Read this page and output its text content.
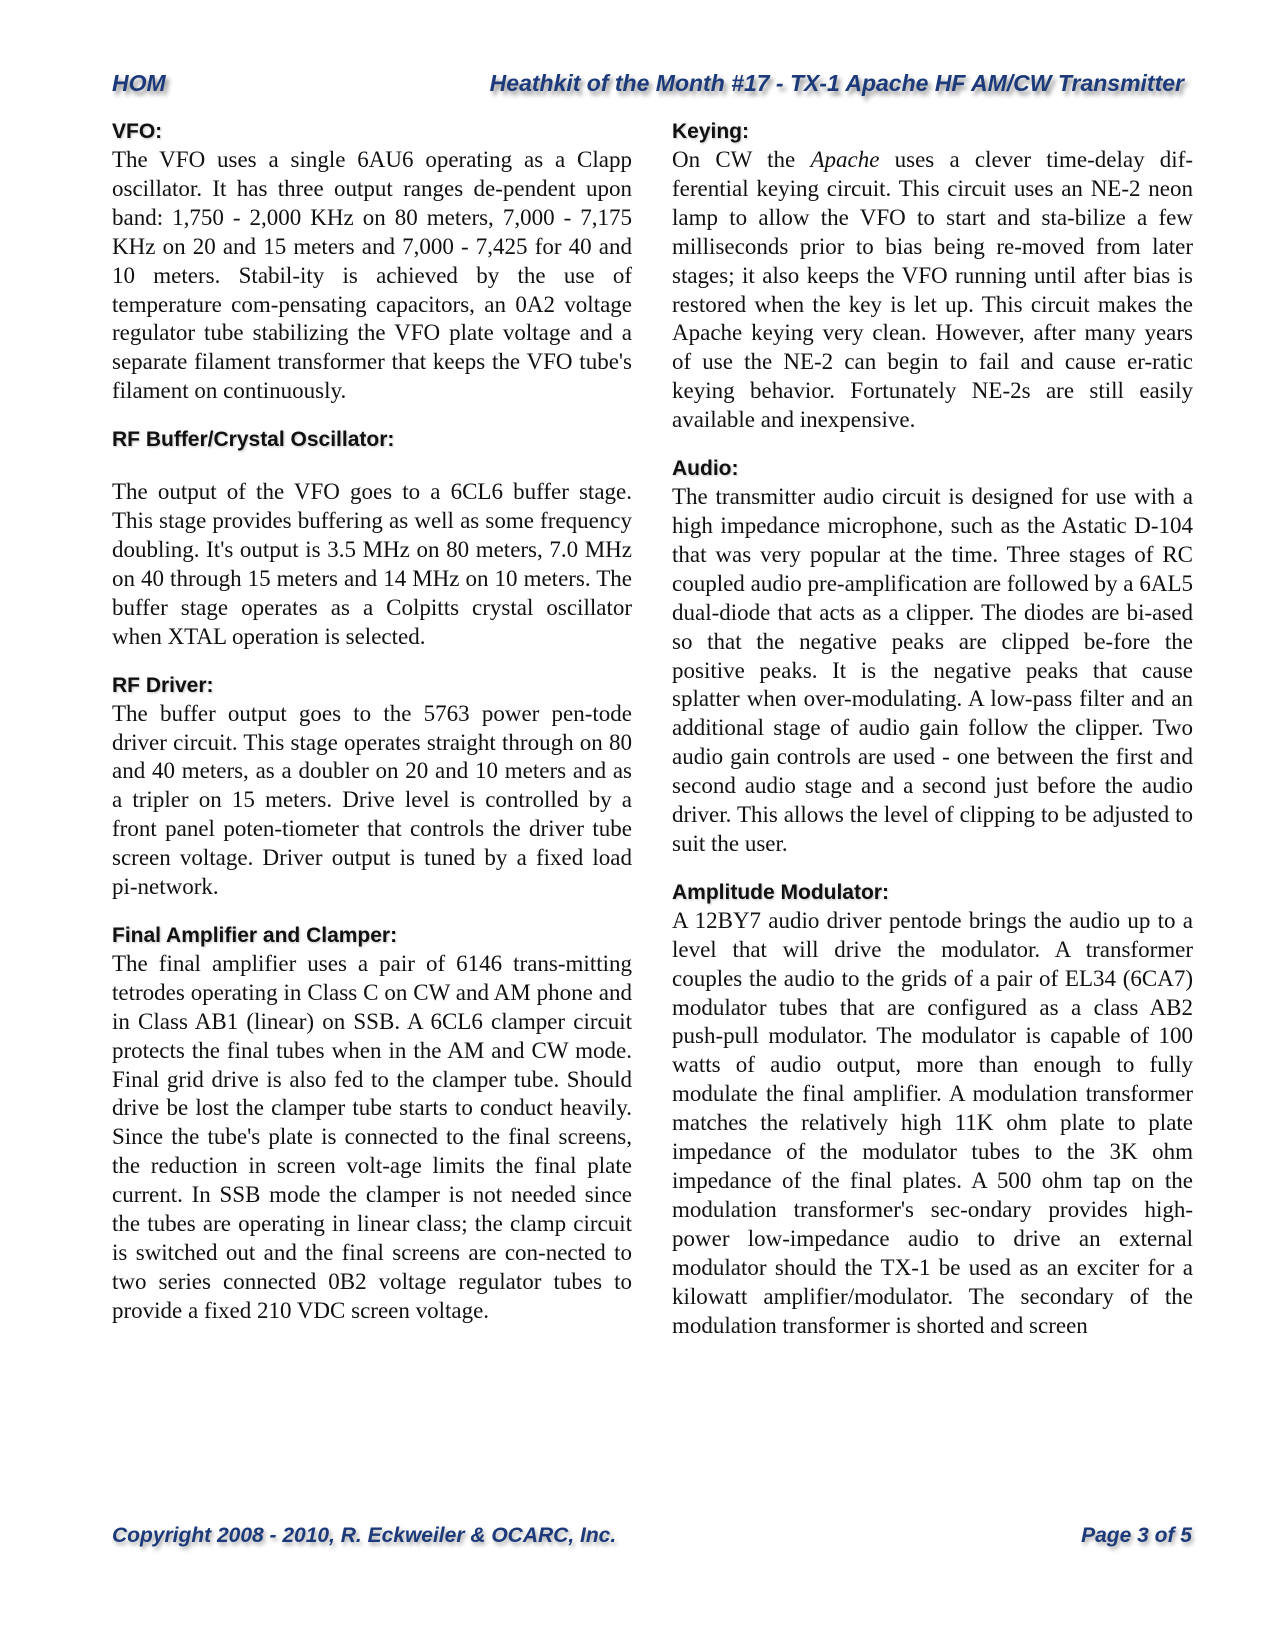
HOM	Heathkit of the Month #17 - TX-1 Apache HF AM/CW Transmitter
VFO:

The VFO uses a single 6AU6 operating as a Clapp oscillator. It has three output ranges de-pendent upon band: 1,750 - 2,000 KHz on 80 meters, 7,000 - 7,175 KHz on 20 and 15 meters and 7,000 - 7,425 for 40 and 10 meters. Stabil-ity is achieved by the use of temperature com-pensating capacitors, an 0A2 voltage regulator tube stabilizing the VFO plate voltage and a separate filament transformer that keeps the VFO tube's filament on continuously.

RF Buffer/Crystal Oscillator:

The output of the VFO goes to a 6CL6 buffer stage. This stage provides buffering as well as some frequency doubling. It's output is 3.5 MHz on 80 meters, 7.0 MHz on 40 through 15 meters and 14 MHz on 10 meters. The buffer stage operates as a Colpitts crystal oscillator when XTAL operation is selected.

RF Driver:

The buffer output goes to the 5763 power pen-tode driver circuit. This stage operates straight through on 80 and 40 meters, as a doubler on 20 and 10 meters and as a tripler on 15 meters. Drive level is controlled by a front panel poten-tiometer that controls the driver tube screen voltage. Driver output is tuned by a fixed load pi-network.

Final Amplifier and Clamper:

The final amplifier uses a pair of 6146 trans-mitting tetrodes operating in Class C on CW and AM phone and in Class AB1 (linear) on SSB. A 6CL6 clamper circuit protects the final tubes when in the AM and CW mode. Final grid drive is also fed to the clamper tube. Should drive be lost the clamper tube starts to conduct heavily. Since the tube's plate is connected to the final screens, the reduction in screen volt-age limits the final plate current. In SSB mode the clamper is not needed since the tubes are operating in linear class; the clamp circuit is switched out and the final screens are con-nected to two series connected 0B2 voltage regulator tubes to provide a fixed 210 VDC screen voltage.

Keying:

On CW the Apache uses a clever time-delay dif-ferential keying circuit. This circuit uses an NE-2 neon lamp to allow the VFO to start and sta-bilize a few milliseconds prior to bias being re-moved from later stages; it also keeps the VFO running until after bias is restored when the key is let up. This circuit makes the Apache keying very clean. However, after many years of use the NE-2 can begin to fail and cause er-ratic keying behavior. Fortunately NE-2s are still easily available and inexpensive.

Audio:

The transmitter audio circuit is designed for use with a high impedance microphone, such as the Astatic D-104 that was very popular at the time. Three stages of RC coupled audio pre-amplification are followed by a 6AL5 dual-diode that acts as a clipper. The diodes are bi-ased so that the negative peaks are clipped be-fore the positive peaks. It is the negative peaks that cause splatter when over-modulating. A low-pass filter and an additional stage of audio gain follow the clipper. Two audio gain controls are used - one between the first and second audio stage and a second just before the audio driver. This allows the level of clipping to be adjusted to suit the user.

Amplitude Modulator:

A 12BY7 audio driver pentode brings the audio up to a level that will drive the modulator. A transformer couples the audio to the grids of a pair of EL34 (6CA7) modulator tubes that are configured as a class AB2 push-pull modulator. The modulator is capable of 100 watts of audio output, more than enough to fully modulate the final amplifier. A modulation transformer matches the relatively high 11K ohm plate to plate impedance of the modulator tubes to the 3K ohm impedance of the final plates. A 500 ohm tap on the modulation transformer's sec-ondary provides high-power low-impedance audio to drive an external modulator should the TX-1 be used as an exciter for a kilowatt amplifier/modulator. The secondary of the modulation transformer is shorted and screen

Copyright 2008 - 2010, R. Eckweiler & OCARC, Inc.	Page 3 of 5
